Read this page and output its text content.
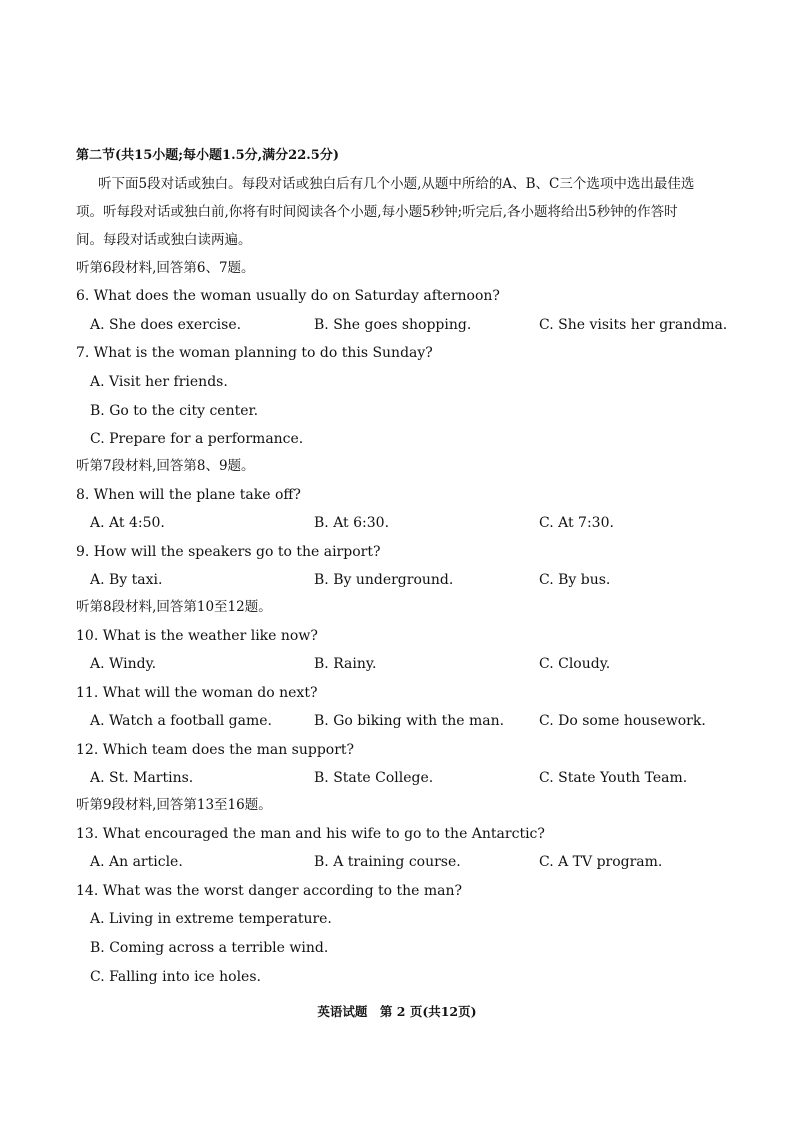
第二节(共15小题;每小题1.5分,满分22.5分)
听下面5段对话或独白。每段对话或独白后有几个小题,从题中所给的A、B、C三个选项中选出最佳选
项。听每段对话或独白前,你将有时间阅读各个小题,每小题5秒钟;听完后,各小题将给出5秒钟的作答时
间。每段对话或独白读两遍。
听第6段材料,回答第6、7题。
6. What does the woman usually do on Saturday afternoon?
A. She does exercise.	B. She goes shopping.	C. She visits her grandma.
7. What is the woman planning to do this Sunday?
A. Visit her friends.
B. Go to the city center.
C. Prepare for a performance.
听第7段材料,回答第8、9题。
8. When will the plane take off?
A. At 4:50.	B. At 6:30.	C. At 7:30.
9. How will the speakers go to the airport?
A. By taxi.	B. By underground.	C. By bus.
听第8段材料,回答第10至12题。
10. What is the weather like now?
A. Windy.	B. Rainy.	C. Cloudy.
11. What will the woman do next?
A. Watch a football game.	B. Go biking with the man. C. Do some housework.
12. Which team does the man support?
A. St. Martins.	B. State College.	C. State Youth Team.
听第9段材料,回答第13至16题。
13. What encouraged the man and his wife to go to the Antarctic?
A. An article.	B. A training course.	C. A TV program.
14. What was the worst danger according to the man?
A. Living in extreme temperature.
B. Coming across a terrible wind.
C. Falling into ice holes.
英语试题　第 2 页(共12页)
